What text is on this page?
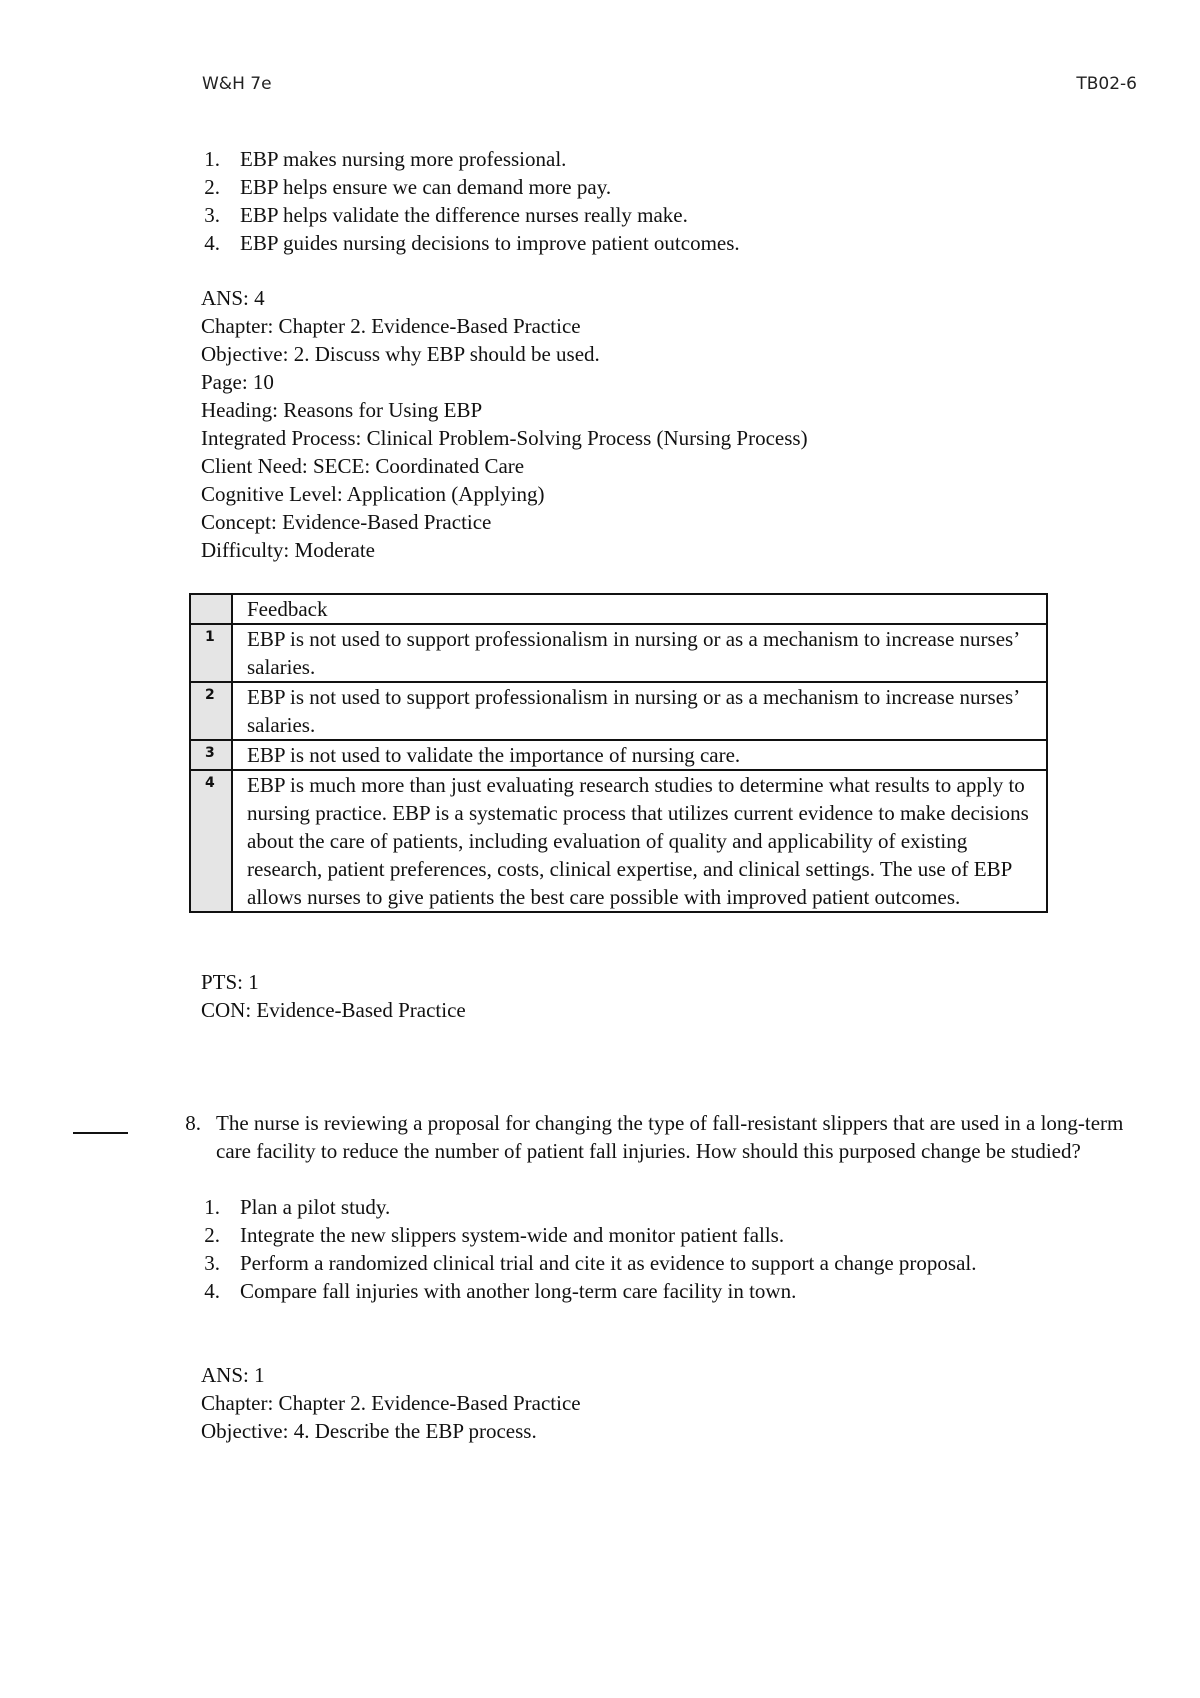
W&H 7e	TB02-6
1. EBP makes nursing more professional.
2. EBP helps ensure we can demand more pay.
3. EBP helps validate the difference nurses really make.
4. EBP guides nursing decisions to improve patient outcomes.
ANS: 4
Chapter: Chapter 2. Evidence-Based Practice
Objective: 2. Discuss why EBP should be used.
Page: 10
Heading: Reasons for Using EBP
Integrated Process: Clinical Problem-Solving Process (Nursing Process)
Client Need: SECE: Coordinated Care
Cognitive Level: Application (Applying)
Concept: Evidence-Based Practice
Difficulty: Moderate
	Feedback
1	EBP is not used to support professionalism in nursing or as a mechanism to increase nurses’ salaries.
2	EBP is not used to support professionalism in nursing or as a mechanism to increase nurses’ salaries.
3	EBP is not used to validate the importance of nursing care.
4	EBP is much more than just evaluating research studies to determine what results to apply to nursing practice. EBP is a systematic process that utilizes current evidence to make decisions about the care of patients, including evaluation of quality and applicability of existing research, patient preferences, costs, clinical expertise, and clinical settings. The use of EBP allows nurses to give patients the best care possible with improved patient outcomes.
PTS: 1
CON: Evidence-Based Practice
8. The nurse is reviewing a proposal for changing the type of fall-resistant slippers that are used in a long-term care facility to reduce the number of patient fall injuries. How should this purposed change be studied?
1. Plan a pilot study.
2. Integrate the new slippers system-wide and monitor patient falls.
3. Perform a randomized clinical trial and cite it as evidence to support a change proposal.
4. Compare fall injuries with another long-term care facility in town.
ANS: 1
Chapter: Chapter 2. Evidence-Based Practice
Objective: 4. Describe the EBP process.
